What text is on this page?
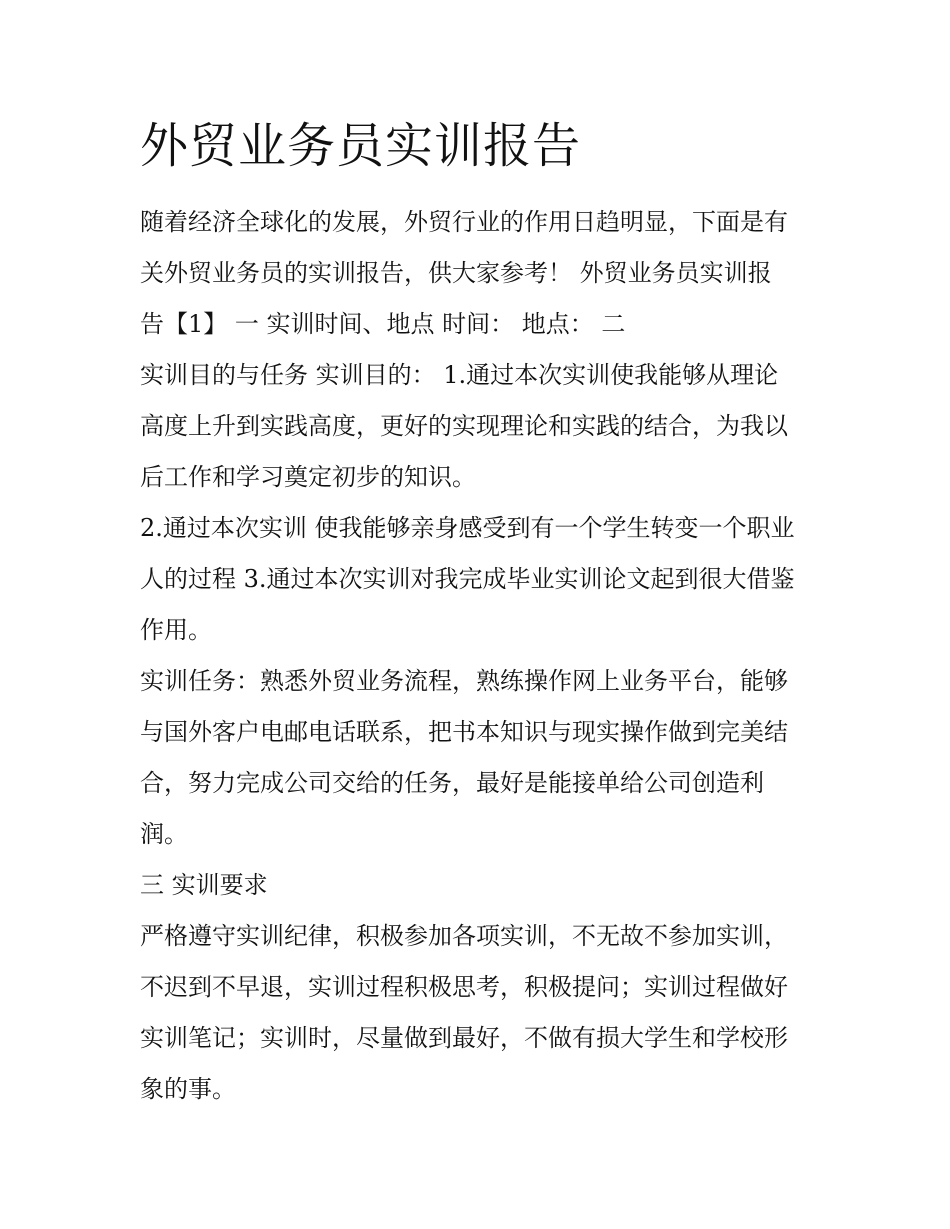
外贸业务员实训报告

随着经济全球化的发展，外贸行业的作用日趋明显，下面是有
关外贸业务员的实训报告，供大家参考！ 外贸业务员实训报
告【1】 一 实训时间、地点 时间： 地点： 二

实训目的与任务 实训目的： 1.通过本次实训使我能够从理论
高度上升到实践高度，更好的实现理论和实践的结合，为我以
后工作和学习奠定初步的知识。

2.通过本次实训 使我能够亲身感受到有一个学生转变一个职业
人的过程 3.通过本次实训对我完成毕业实训论文起到很大借鉴
作用。

实训任务：熟悉外贸业务流程，熟练操作网上业务平台，能够
与国外客户电邮电话联系，把书本知识与现实操作做到完美结
合，努力完成公司交给的任务，最好是能接单给公司创造利
润。

三 实训要求

严格遵守实训纪律，积极参加各项实训，不无故不参加实训，
不迟到不早退，实训过程积极思考，积极提问；实训过程做好
实训笔记；实训时，尽量做到最好，不做有损大学生和学校形
象的事。
